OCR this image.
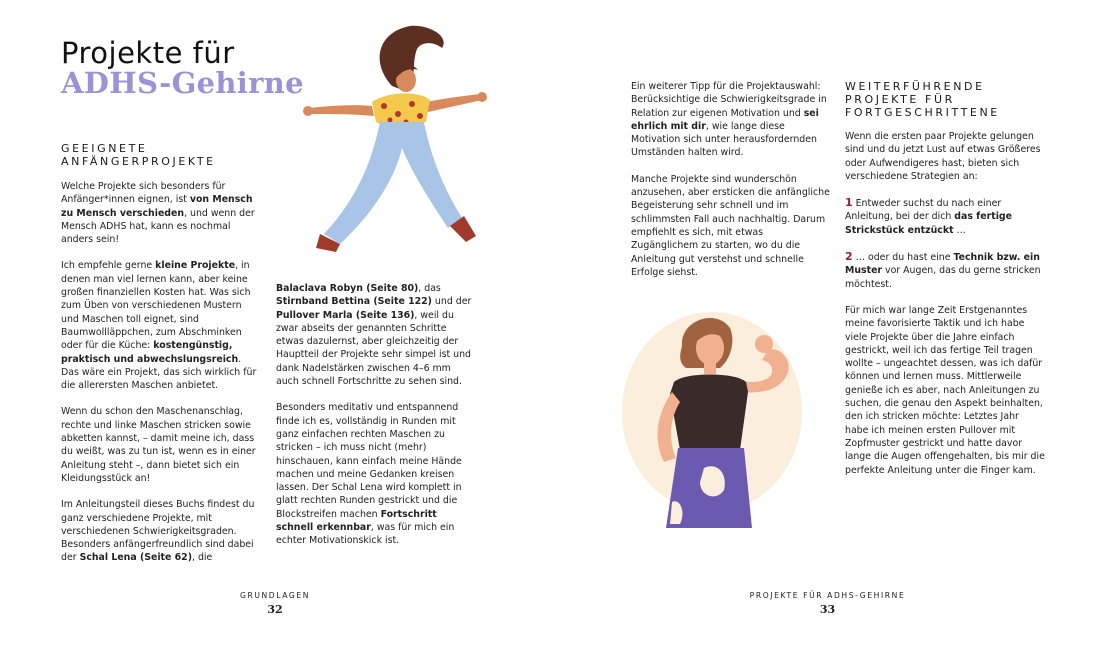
Projekte für
ADHS-Gehirne
GEEIGNETE
ANFÄNGERPROJEKTE

Welche Projekte sich besonders für Anfänger*innen eignen, ist von Mensch zu Mensch verschieden, und wenn der Mensch ADHS hat, kann es nochmal anders sein!

Ich empfehle gerne kleine Projekte, in denen man viel lernen kann, aber keine großen finanziellen Kosten hat. Was sich zum Üben von verschiedenen Mustern und Maschen toll eignet, sind Baumwollläppchen, zum Abschminken oder für die Küche: kostengünstig, praktisch und abwechslungsreich. Das wäre ein Projekt, das sich wirklich für die allerersten Maschen anbietet.

Wenn du schon den Maschenanschlag, rechte und linke Maschen stricken sowie abketten kannst, – damit meine ich, dass du weißt, was zu tun ist, wenn es in einer Anleitung steht –, dann bietet sich ein Kleidungsstück an!

Im Anleitungsteil dieses Buchs findest du ganz verschiedene Projekte, mit verschiedenen Schwierigkeitsgraden. Besonders anfängerfreundlich sind dabei der Schal Lena (Seite 62), die

Balaclava Robyn (Seite 80), das Stirnband Bettina (Seite 122) und der Pullover Marla (Seite 136), weil du zwar abseits der genannten Schritte etwas dazulernst, aber gleichzeitig der Hauptteil der Projekte sehr simpel ist und dank Nadelstärken zwischen 4–6 mm auch schnell Fortschritte zu sehen sind.

Besonders meditativ und entspannend finde ich es, vollständig in Runden mit ganz einfachen rechten Maschen zu stricken – ich muss nicht (mehr) hinschauen, kann einfach meine Hände machen und meine Gedanken kreisen lassen. Der Schal Lena wird komplett in glatt rechten Runden gestrickt und die Blockstreifen machen Fortschritt schnell erkennbar, was für mich ein echter Motivationskick ist.

GRUNDLAGEN
32

Ein weiterer Tipp für die Projektauswahl: Berücksichtige die Schwierigkeitsgrade in Relation zur eigenen Motivation und sei ehrlich mit dir, wie lange diese Motivation sich unter herausfordernden Umständen halten wird.

Manche Projekte sind wunderschön anzusehen, aber ersticken die anfängliche Begeisterung sehr schnell und im schlimmsten Fall auch nachhaltig. Darum empfiehlt es sich, mit etwas Zugänglichem zu starten, wo du die Anleitung gut verstehst und schnelle Erfolge siehst.

WEITERFÜHRENDE
PROJEKTE FÜR
FORTGESCHRITTENE

Wenn die ersten paar Projekte gelungen sind und du jetzt Lust auf etwas Größeres oder Aufwendigeres hast, bieten sich verschiedene Strategien an:

1 Entweder suchst du nach einer Anleitung, bei der dich das fertige Strickstück entzückt …

2 … oder du hast eine Technik bzw. ein Muster vor Augen, das du gerne stricken möchtest.

Für mich war lange Zeit Erstgenanntes meine favorisierte Taktik und ich habe viele Projekte über die Jahre einfach gestrickt, weil ich das fertige Teil tragen wollte – ungeachtet dessen, was ich dafür können und lernen muss. Mittlerweile genieße ich es aber, nach Anleitungen zu suchen, die genau den Aspekt beinhalten, den ich stricken möchte: Letztes Jahr habe ich meinen ersten Pullover mit Zopfmuster gestrickt und hatte davor lange die Augen offengehalten, bis mir die perfekte Anleitung unter die Finger kam.

PROJEKTE FÜR ADHS-GEHIRNE
33
